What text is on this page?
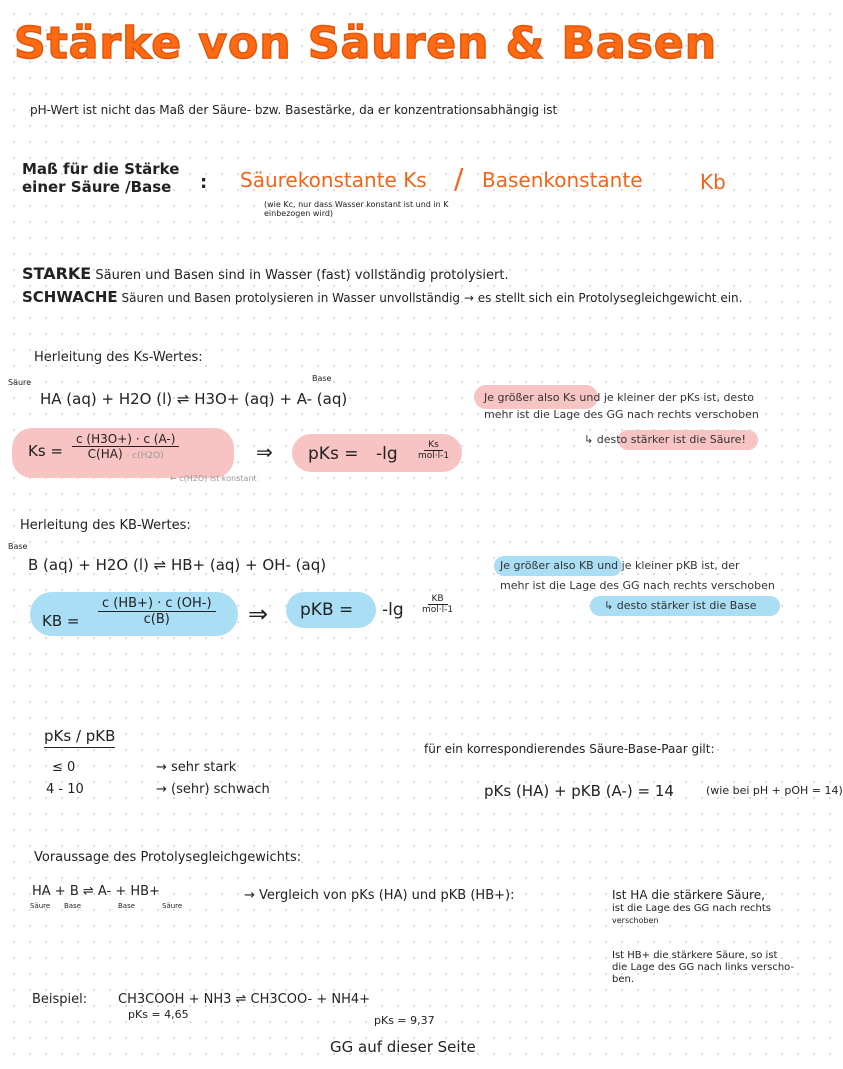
Stärke von Säuren & Basen
pH-Wert ist nicht das Maß der Säure- bzw. Basestärke, da er konzentrationsabhängig ist
Maß für die Stärke
einer Säure /Base	: Säurekonstante Ks / Basenkonstante	Kb
(wie Kc, nur dass Wasser konstant ist und in K einbezogen wird)
STARKE Säuren und Basen sind in Wasser (fast) vollständig protolysiert.
SCHWACHE Säuren und Basen protolysieren in Wasser unvollständig → es stellt sich ein Protolysegleichgewicht ein.
Herleitung des Ks-Wertes:
Säure	Base
HA (aq) + H2O (l) ⇌ H3O+ (aq) + A- (aq)
$Ks = \frac{c (H3O+) \cdot c (A-)}{C(HA) \cdot c(H2O)}$
← c(H2O) ist konstant
⇒ pKs = -lg	Ks
mol·l-1
Je größer also Ks und je kleiner der pKs ist, desto
mehr ist die Lage des GG nach rechts verschoben
↳ desto stärker ist die Säure!
Herleitung des KB-Wertes:
Base
B (aq) + H2O (l) ⇌ HB+ (aq) + OH- (aq)
KB = $\frac{c (HB+) \cdot c (OH-)}{c(B)}$ ⇒ pKB = -lg
KB
mol·l-1
Je größer also KB und je kleiner pKB ist, der
mehr ist die Lage des GG nach rechts verschoben
↳ desto stärker ist die Base
pKs / pKB
≤ 0	→ sehr stark
4 - 10	→ (sehr) schwach
für ein korrespondierendes Säure-Base-Paar gilt:
pKs (HA) + pKB (A-) = 14	(wie bei pH + pOH = 14)
Voraussage des Protolysegleichgewichts:
HA + B ⇌ A- + HB+
Säure Base	Base	Säure
→ Vergleich von pKs (HA) und pKB (HB+):	Ist HA die stärkere Säure,
ist die Lage des GG nach rechts
verschoben
Ist HB+ die stärkere Säure, so ist
die Lage des GG nach links verscho-
ben.
Beispiel: CH3COOH + NH3 ⇌ CH3COO- + NH4+
pKs = 4,65	pKs = 9,37
GG auf dieser Seite
